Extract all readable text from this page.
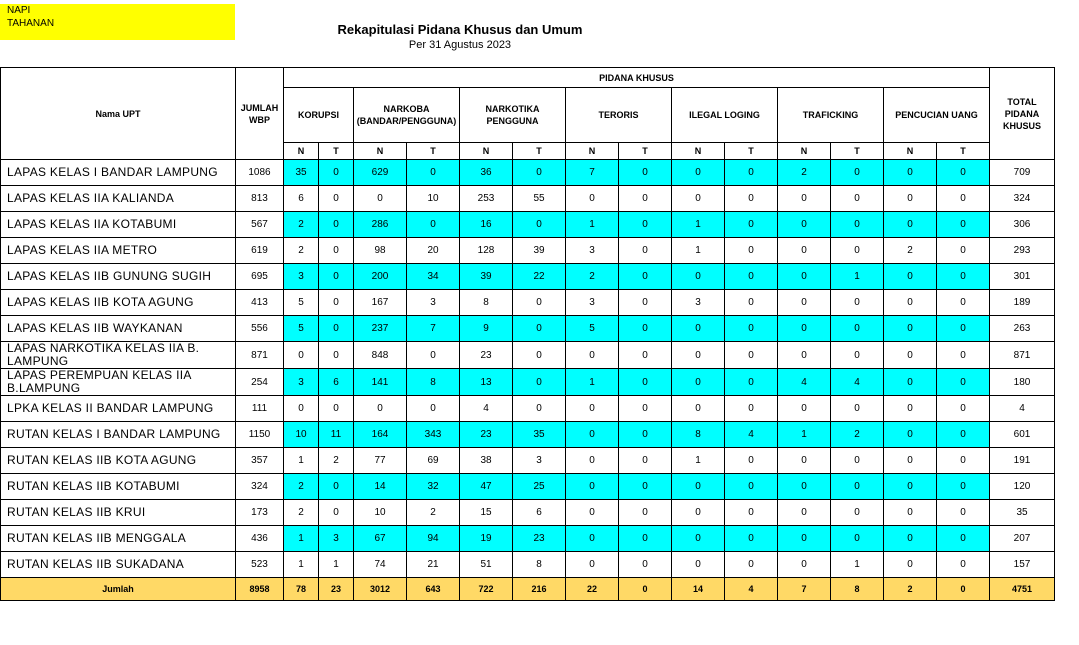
NAPI
TAHANAN	Rekapitulasi Pidana Khusus dan Umum
Per 31 Agustus 2023
Nama UPT	JUMLAH WBP	PIDANA KHUSUS														TOTAL PIDANA KHUSUS
		KORUPSI		NARKOBA (BANDAR/PENGGUNA)		NARKOTIKA PENGGUNA		TERORIS		ILEGAL LOGING		TRAFICKING		PENCUCIAN UANG		
		N	T	N	T	N	T	N	T	N	T	N	T	N	T	
LAPAS KELAS I BANDAR LAMPUNG	1086	35	0	629	0	36	0	7	0	0	0	2	0	0	0	709
LAPAS KELAS IIA KALIANDA	813	6	0	0	10	253	55	0	0	0	0	0	0	0	0	324
LAPAS KELAS IIA KOTABUMI	567	2	0	286	0	16	0	1	0	1	0	0	0	0	0	306
LAPAS KELAS IIA METRO	619	2	0	98	20	128	39	3	0	1	0	0	0	2	0	293
LAPAS KELAS IIB GUNUNG SUGIH	695	3	0	200	34	39	22	2	0	0	0	0	1	0	0	301
LAPAS KELAS IIB KOTA AGUNG	413	5	0	167	3	8	0	3	0	3	0	0	0	0	0	189
LAPAS KELAS IIB WAYKANAN	556	5	0	237	7	9	0	5	0	0	0	0	0	0	0	263
LAPAS NARKOTIKA KELAS IIA B. LAMPUNG	871	0	0	848	0	23	0	0	0	0	0	0	0	0	0	871
LAPAS PEREMPUAN KELAS IIA B.LAMPUNG	254	3	6	141	8	13	0	1	0	0	0	4	4	0	0	180
LPKA KELAS II BANDAR LAMPUNG	111	0	0	0	0	4	0	0	0	0	0	0	0	0	0	4
RUTAN KELAS I BANDAR LAMPUNG	1150	10	11	164	343	23	35	0	0	8	4	1	2	0	0	601
RUTAN KELAS IIB KOTA AGUNG	357	1	2	77	69	38	3	0	0	1	0	0	0	0	0	191
RUTAN KELAS IIB KOTABUMI	324	2	0	14	32	47	25	0	0	0	0	0	0	0	0	120
RUTAN KELAS IIB KRUI	173	2	0	10	2	15	6	0	0	0	0	0	0	0	0	35
RUTAN KELAS IIB MENGGALA	436	1	3	67	94	19	23	0	0	0	0	0	0	0	0	207
RUTAN KELAS IIB SUKADANA	523	1	1	74	21	51	8	0	0	0	0	0	1	0	0	157
Jumlah	8958	78	23	3012	643	722	216	22	0	14	4	7	8	2	0	4751
